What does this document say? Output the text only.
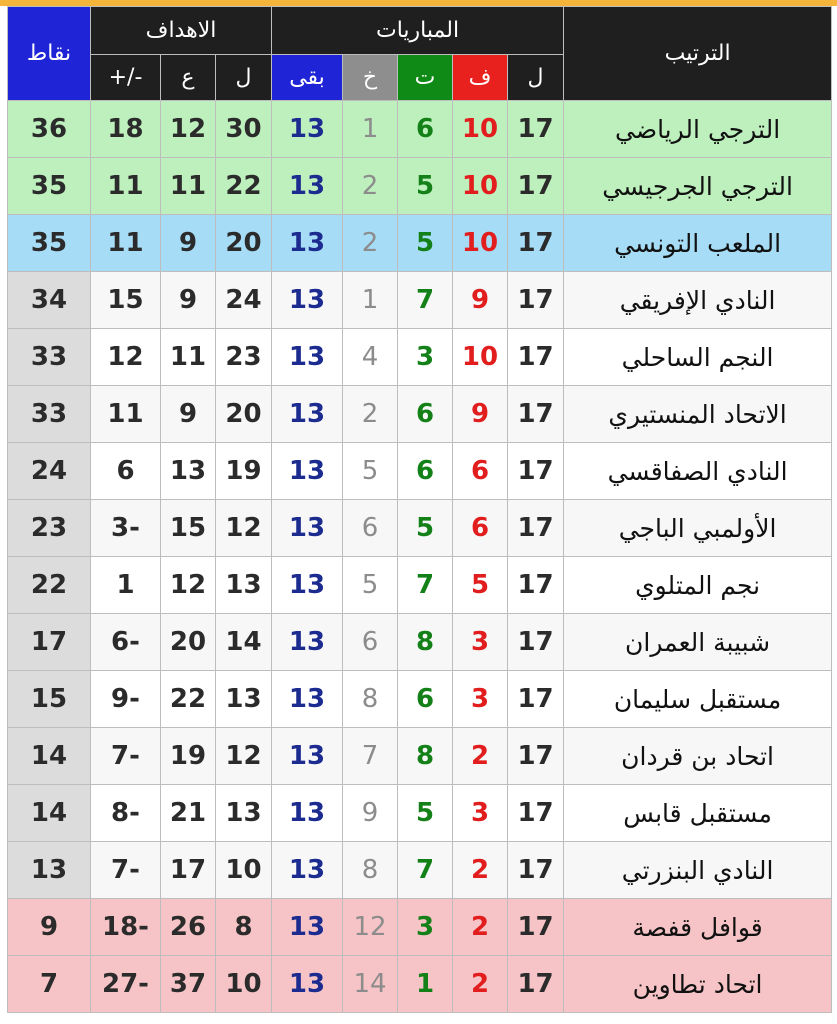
نقاط	الاهداف			المباريات					الترتيب
	+/-	ع	ل	بقى	خ	ت	ف	ل	
36	18	12	30	13	1	6	10	17	الترجي الرياضي
35	11	11	22	13	2	5	10	17	الترجي الجرجيسي
35	11	9	20	13	2	5	10	17	الملعب التونسي
34	15	9	24	13	1	7	9	17	النادي الإفريقي
33	12	11	23	13	4	3	10	17	النجم الساحلي
33	11	9	20	13	2	6	9	17	الاتحاد المنستيري
24	6	13	19	13	5	6	6	17	النادي الصفاقسي
23	3-	15	12	13	6	5	6	17	الأولمبي الباجي
22	1	12	13	13	5	7	5	17	نجم المتلوي
17	6-	20	14	13	6	8	3	17	شبيبة العمران
15	9-	22	13	13	8	6	3	17	مستقبل سليمان
14	7-	19	12	13	7	8	2	17	اتحاد بن قردان
14	8-	21	13	13	9	5	3	17	مستقبل قابس
13	7-	17	10	13	8	7	2	17	النادي البنزرتي
9	18-	26	8	13	12	3	2	17	قوافل قفصة
7	27-	37	10	13	14	1	2	17	اتحاد تطاوين
